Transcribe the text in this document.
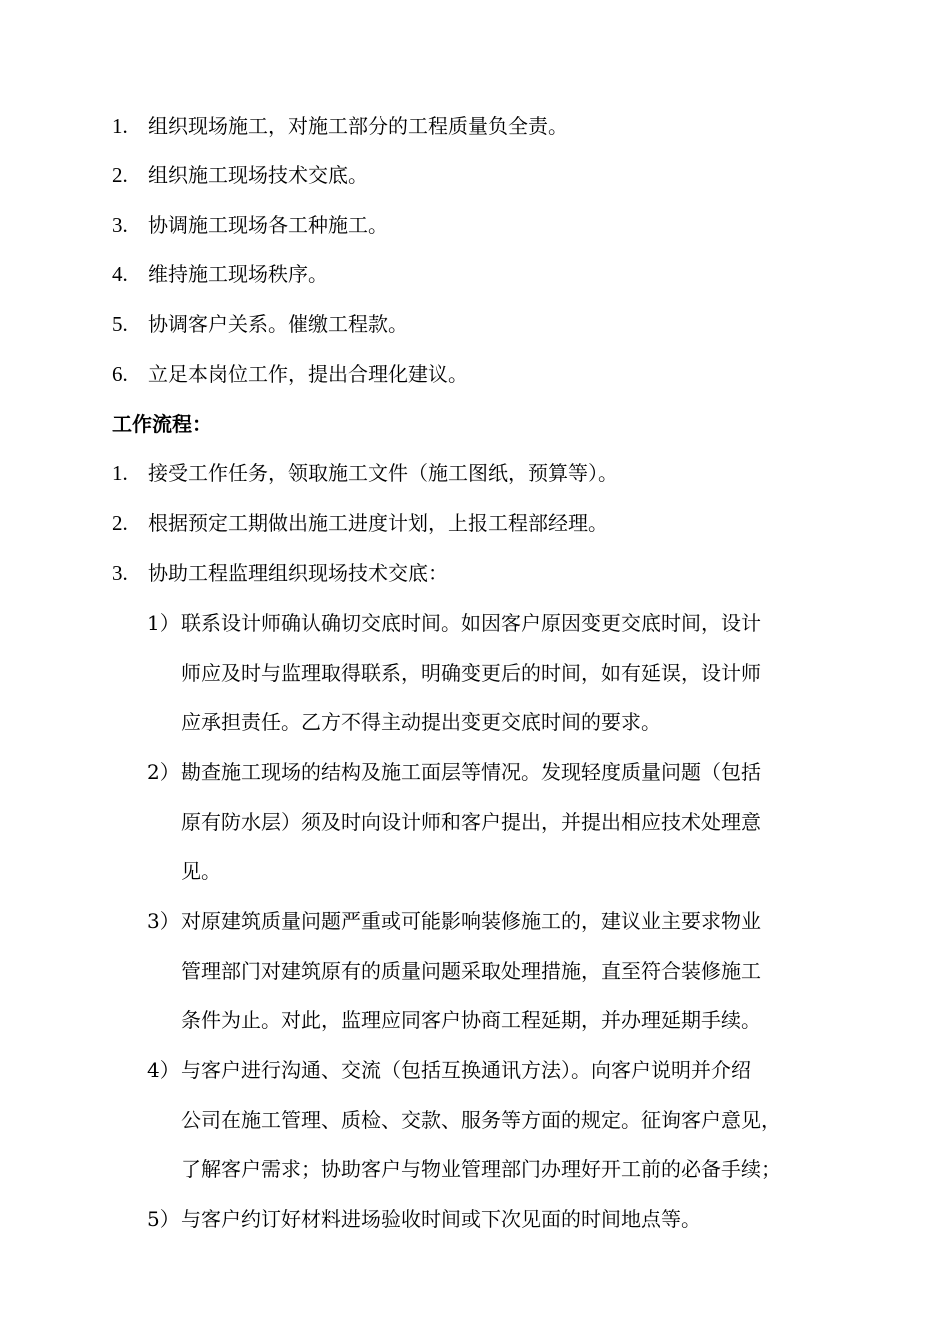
1. 组织现场施工，对施工部分的工程质量负全责。
2. 组织施工现场技术交底。
3. 协调施工现场各工种施工。
4. 维持施工现场秩序。
5. 协调客户关系。催缴工程款。
6. 立足本岗位工作，提出合理化建议。
工作流程：
1. 接受工作任务，领取施工文件（施工图纸，预算等）。
2. 根据预定工期做出施工进度计划，上报工程部经理。
3. 协助工程监理组织现场技术交底：
1） 联系设计师确认确切交底时间。如因客户原因变更交底时间，设计
师应及时与监理取得联系，明确变更后的时间，如有延误，设计师
应承担责任。乙方不得主动提出变更交底时间的要求。
2） 勘查施工现场的结构及施工面层等情况。发现轻度质量问题（包括
原有防水层）须及时向设计师和客户提出，并提出相应技术处理意
见。
3） 对原建筑质量问题严重或可能影响装修施工的，建议业主要求物业
管理部门对建筑原有的质量问题采取处理措施，直至符合装修施工
条件为止。对此，监理应同客户协商工程延期，并办理延期手续。
4） 与客户进行沟通、交流（包括互换通讯方法）。向客户说明并介绍
公司在施工管理、质检、交款、服务等方面的规定。征询客户意见，
了解客户需求；协助客户与物业管理部门办理好开工前的必备手续；
5） 与客户约订好材料进场验收时间或下次见面的时间地点等。
